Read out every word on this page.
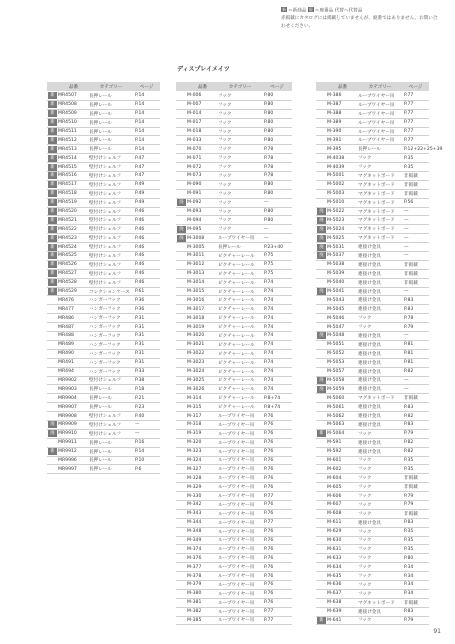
新 ＝新商品 廃 ＝廃番品 代替へ代替品
赤掲載にカタログには掲載していませんが、廃番ではありません。お問い合わせください。
ディスプレイメイツ
品番	カテゴリー	ページ
新 MR4507	長押レール	P.14
新 MR4508	長押レール	P.14
新 MR4509	長押レール	P.14
新 MR4510	長押レール	P.14
新 MR4511	長押レール	P.14
新 MR4512	長押レール	P.14
新 MR4513	長押レール	P.14
新 MR4514	壁付けシェルフ	P.47
新 MR4515	壁付けシェルフ	P.47
新 MR4516	壁付けシェルフ	P.47
新 MR4517	壁付けシェルフ	P.49
新 MR4518	壁付けシェルフ	P.49
新 MR4519	壁付けシェルフ	P.49
新 MR4520	壁付けシェルフ	P.46
新 MR4521	壁付けシェルフ	P.46
新 MR4522	壁付けシェルフ	P.46
新 MR4523	壁付けシェルフ	P.46
新 MR4524	壁付けシェルフ	P.46
新 MR4525	壁付けシェルフ	P.46
新 MR4526	壁付けシェルフ	P.46
新 MR4527	壁付けシェルフ	P.46
新 MR4528	壁付けシェルフ	P.46
新 MR4529	コレクションケース	P.61
MR476	ハンガーフック	P.36
MR477	ハンガーフック	P.36
MR486	ハンガーフック	P.31
MR487	ハンガーフック	P.31
MR488	ハンガーフック	P.31
MR489	ハンガーフック	P.31
MR490	ハンガーフック	P.31
MR491	ハンガーフック	P.31
MR494	ハンガーフック	P.33
MR9902	壁付けシェルフ	P.38
MR9903	長押レール	P.18
MR9904	長押レール	P.21
MR9907	長押レール	P.23
MR9908	壁付けシェルフ	P.40
廃 MR9909	壁付けシェルフ	—
廃 MR9910	壁付けシェルフ	—
MR9911	長押レール	P.16
新 MR9912	長押レール	P.14
MR9996	長押レール	P.10
MR9997	長押レール	P.6
品番	カテゴリー	ページ
M-006	フック	P.80
M-007	フック	P.80
M-014	フック	P.80
M-017	フック	P.80
M-018	フック	P.80
M-033	フック	P.80
M-070	フック	P.78
M-071	フック	P.78
M-072	フック	P.78
M-073	フック	P.78
M-090	フック	P.80
M-091	フック	P.80
廃 M-092	フック	—
M-093	フック	P.80
M-094	フック	P.80
廃 M-095	フック	—
廃 M-3008	ループワイヤー吊	—
M-3005	長押レール	P.23+40
M-3011	ピクチャーレール	P.75
M-3012	ピクチャーレール	P.75
M-3013	ピクチャーレール	P.75
M-3014	ピクチャーレール	P.74
M-3015	ピクチャーレール	P.74
M-3016	ピクチャーレール	P.74
M-3017	ピクチャーレール	P.74
M-3018	ピクチャーレール	P.74
M-3019	ピクチャーレール	P.74
M-3020	ピクチャーレール	P.74
M-3021	ピクチャーレール	P.74
M-3022	ピクチャーレール	P.74
M-3023	ピクチャーレール	P.74
M-3024	ピクチャーレール	P.74
M-3025	ピクチャーレール	P.74
M-3026	ピクチャーレール	P.74
M-314	ピクチャーレール	P.8+74
M-315	ピクチャーレール	P.8+74
M-317	ループワイヤー吊	P.76
M-318	ループワイヤー吊	P.76
M-319	ループワイヤー吊	P.76
M-320	ループワイヤー吊	P.76
M-323	ループワイヤー吊	P.76
M-324	ループワイヤー吊	P.76
M-327	ループワイヤー吊	P.76
M-328	ループワイヤー吊	P.76
M-329	ループワイヤー吊	P.76
M-330	ループワイヤー吊	P.77
M-342	ループワイヤー吊	P.76
M-343	ループワイヤー吊	P.76
M-344	ループワイヤー吊	P.77
M-348	ループワイヤー吊	P.76
M-349	ループワイヤー吊	P.76
M-374	ループワイヤー吊	P.76
M-376	ループワイヤー吊	P.76
M-377	ループワイヤー吊	P.76
M-378	ループワイヤー吊	P.76
M-379	ループワイヤー吊	P.76
M-380	ループワイヤー吊	P.76
M-381	ループワイヤー吊	P.76
M-382	ループワイヤー吊	P.77
M-385	ループワイヤー吊	P.77
品番	カテゴリー	ページ
M-386	ループワイヤー吊	P.77
M-387	ループワイヤー吊	P.77
M-388	ループワイヤー吊	P.77
M-389	ループワイヤー吊	P.77
M-390	ループワイヤー吊	P.77
M-391	ループワイヤー吊	P.77
M-395	長押レール	P.12+22+25+39
M-4038	フック	P.35
M-4039	フック	P.35
M-5001	マグネットボード	非掲載
M-5002	マグネットボード	非掲載
M-5003	マグネットボード	非掲載
M-5010	マグネットボード	P.56
廃 M-5022	マグネットボード	—
廃 M-5023	マグネットボード	—
廃 M-5024	マグネットボード	—
廃 M-5025	マグネットボード	—
廃 M-5031	連接け金具	—
廃 M-5037	連接け金具	—
M-5038	連接け金具	非掲載
M-5039	連接け金具	非掲載
M-5040	連接け金具	非掲載
廃 M-5041	連接け金具	—
M-5043	連接け金具	P.83
M-5045	連接け金具	P.83
M-5046	フック	P.78
M-5047	フック	P.79
廃 M-5048	連接け金具	—
M-5051	連接け金具	P.81
M-5052	連接け金具	P.81
M-5053	連接け金具	P.81
M-5057	連接け金具	P.82
廃 M-5058	連接け金具	—
廃 M-5059	連接け金具	—
M-5060	マグネットボード	非掲載
M-5061	連接け金具	P.83
M-5062	連接け金具	P.82
M-5063	連接け金具	P.83
新 M-5064	フック	P.79
M-591	連接け金具	P.82
M-592	連接け金具	P.82
M-601	フック	P.35
M-602	フック	P.35
M-604	フック	非掲載
M-605	フック	非掲載
M-606	フック	P.79
M-607	フック	P.79
M-608	フック	非掲載
M-611	連接け金具	P.83
M-629	フック	P.35
M-630	フック	P.35
M-631	フック	P.35
M-633	フック	P.80
M-634	フック	P.34
M-635	フック	P.34
M-636	フック	P.34
M-637	フック	P.34
M-638	マグネットボード	非掲載
M-639	連接け金具	P.83
新 M-641	フック	P.79
91
